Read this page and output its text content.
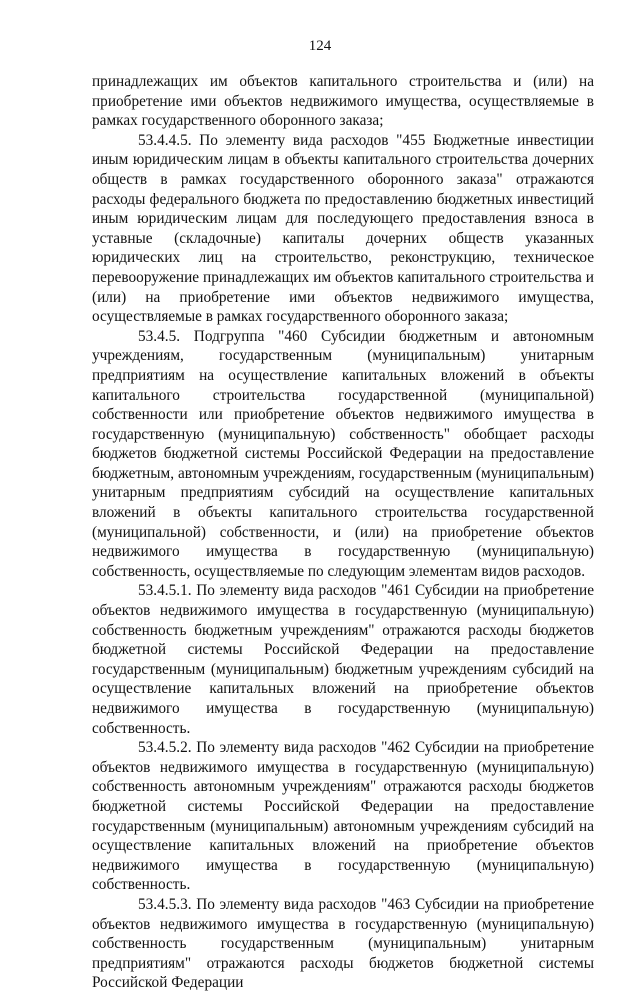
124

принадлежащих им объектов капитального строительства и (или) на приобретение ими объектов недвижимого имущества, осуществляемые в рамках государственного оборонного заказа;

53.4.4.5. По элементу вида расходов "455 Бюджетные инвестиции иным юридическим лицам в объекты капитального строительства дочерних обществ в рамках государственного оборонного заказа" отражаются расходы федерального бюджета по предоставлению бюджетных инвестиций иным юридическим лицам для последующего предоставления взноса в уставные (складочные) капиталы дочерних обществ указанных юридических лиц на строительство, реконструкцию, техническое перевооружение принадлежащих им объектов капитального строительства и (или) на приобретение ими объектов недвижимого имущества, осуществляемые в рамках государственного оборонного заказа;

53.4.5. Подгруппа "460 Субсидии бюджетным и автономным учреждениям, государственным (муниципальным) унитарным предприятиям на осуществление капитальных вложений в объекты капитального строительства государственной (муниципальной) собственности или приобретение объектов недвижимого имущества в государственную (муниципальную) собственность" обобщает расходы бюджетов бюджетной системы Российской Федерации на предоставление бюджетным, автономным учреждениям, государственным (муниципальным) унитарным предприятиям субсидий на осуществление капитальных вложений в объекты капитального строительства государственной (муниципальной) собственности, и (или) на приобретение объектов недвижимого имущества в государственную (муниципальную) собственность, осуществляемые по следующим элементам видов расходов.

53.4.5.1. По элементу вида расходов "461 Субсидии на приобретение объектов недвижимого имущества в государственную (муниципальную) собственность бюджетным учреждениям" отражаются расходы бюджетов бюджетной системы Российской Федерации на предоставление государственным (муниципальным) бюджетным учреждениям субсидий на осуществление капитальных вложений на приобретение объектов недвижимого имущества в государственную (муниципальную) собственность.

53.4.5.2. По элементу вида расходов "462 Субсидии на приобретение объектов недвижимого имущества в государственную (муниципальную) собственность автономным учреждениям" отражаются расходы бюджетов бюджетной системы Российской Федерации на предоставление государственным (муниципальным) автономным учреждениям субсидий на осуществление капитальных вложений на приобретение объектов недвижимого имущества в государственную (муниципальную) собственность.

53.4.5.3. По элементу вида расходов "463 Субсидии на приобретение объектов недвижимого имущества в государственную (муниципальную) собственность государственным (муниципальным) унитарным предприятиям" отражаются расходы бюджетов бюджетной системы Российской Федерации
